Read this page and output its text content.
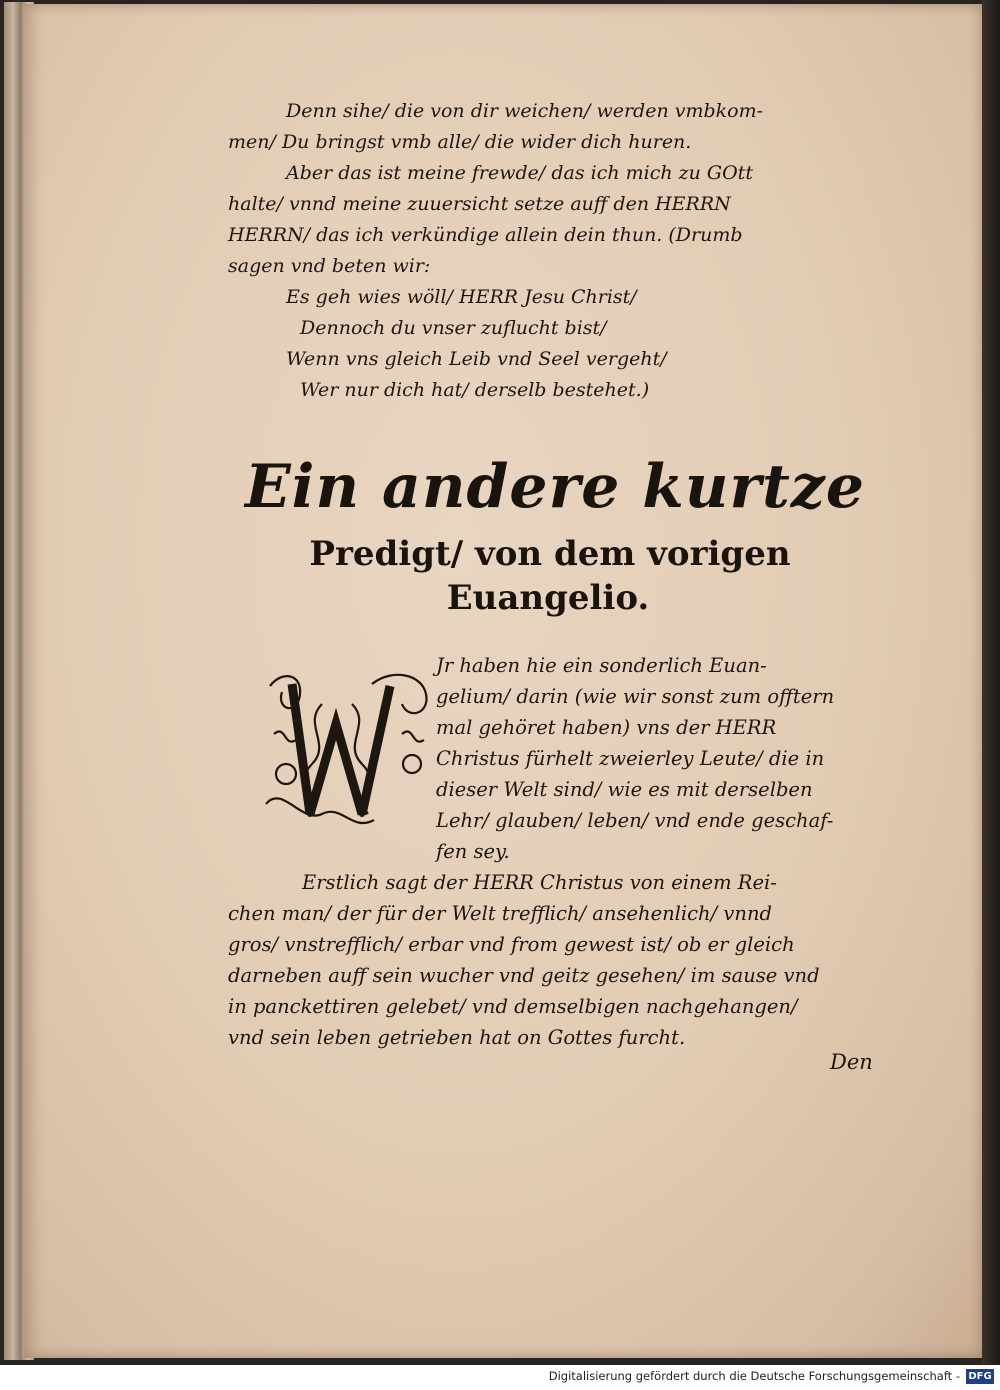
Denn sihe/ die von dir weichen/ werden vmbkom-
men/ Du bringst vmb alle/ die wider dich huren.
Aber das ist meine frewde/ das ich mich zu GOtt
halte/ vnnd meine zuuersicht setze auff den HERRN
HERRN/ das ich verkündige allein dein thun. (Drumb
sagen vnd beten wir:
Es geh wies wöll/ HERR Jesu Christ/
Dennoch du vnser zuflucht bist/
Wenn vns gleich Leib vnd Seel vergeht/
Wer nur dich hat/ derselb bestehet.)
Ein andere kurtze
Predigt/ von dem vorigen
Euangelio.
Jr haben hie ein sonderlich Euan-
gelium/ darin (wie wir sonst zum offtern
mal gehöret haben) vns der HERR
Christus fürhelt zweierley Leute/ die in
dieser Welt sind/ wie es mit derselben
Lehr/ glauben/ leben/ vnd ende geschaf-
fen sey.
Erstlich sagt der HERR Christus von einem Rei-
chen man/ der für der Welt trefflich/ ansehenlich/ vnnd
gros/ vnstrefflich/ erbar vnd from gewest ist/ ob er gleich
darneben auff sein wucher vnd geitz gesehen/ im sause vnd
in panckettiren gelebet/ vnd demselbigen nachgehangen/
vnd sein leben getrieben hat on Gottes furcht.
Den
Digitalisierung gefördert durch die Deutsche Forschungsgemeinschaft - DFG
